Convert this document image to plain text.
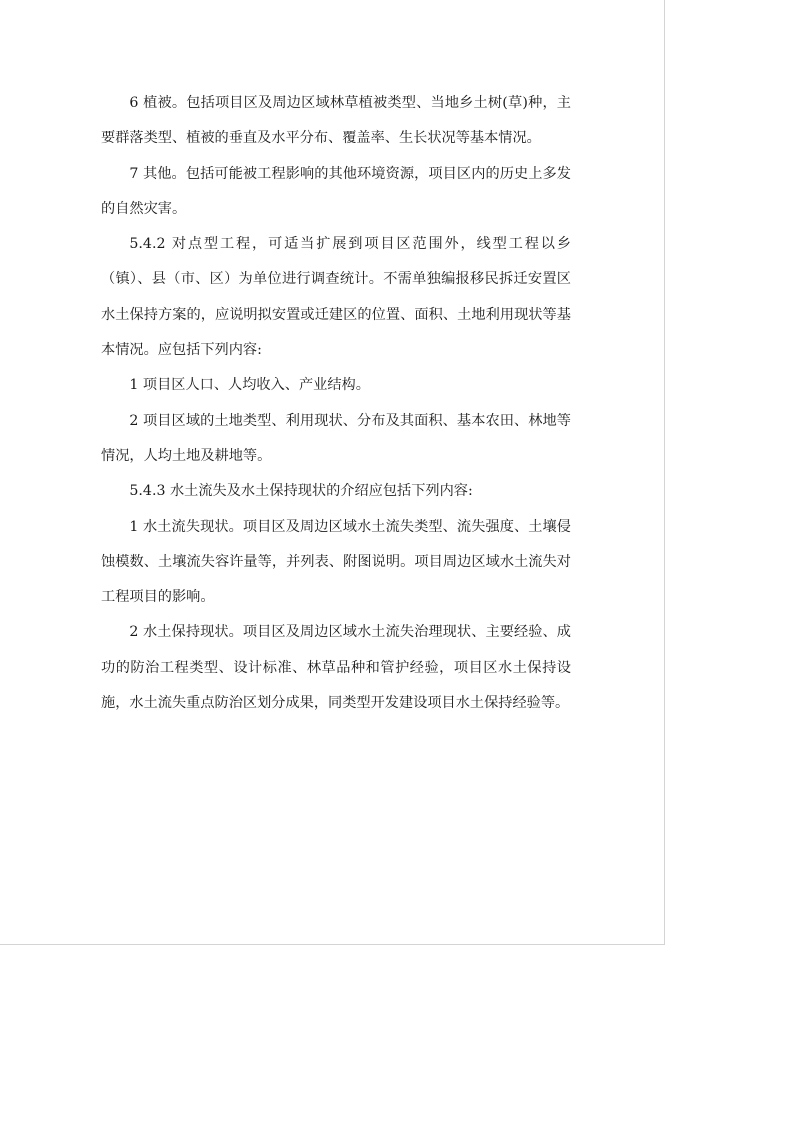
6 植被。包括项目区及周边区域林草植被类型、当地乡土树(草)种，主要群落类型、植被的垂直及水平分布、覆盖率、生长状况等基本情况。

7 其他。包括可能被工程影响的其他环境资源，项目区内的历史上多发的自然灾害。

5.4.2 对点型工程，可适当扩展到项目区范围外，线型工程以乡（镇）、县（市、区）为单位进行调查统计。不需单独编报移民拆迁安置区水土保持方案的，应说明拟安置或迁建区的位置、面积、土地利用现状等基本情况。应包括下列内容:

1 项目区人口、人均收入、产业结构。

2 项目区域的土地类型、利用现状、分布及其面积、基本农田、林地等情况，人均土地及耕地等。

5.4.3 水土流失及水土保持现状的介绍应包括下列内容:

1 水土流失现状。项目区及周边区域水土流失类型、流失强度、土壤侵蚀模数、土壤流失容许量等，并列表、附图说明。项目周边区域水土流失对工程项目的影响。

2 水土保持现状。项目区及周边区域水土流失治理现状、主要经验、成功的防治工程类型、设计标准、林草品种和管护经验，项目区水土保持设施，水土流失重点防治区划分成果，同类型开发建设项目水土保持经验等。
